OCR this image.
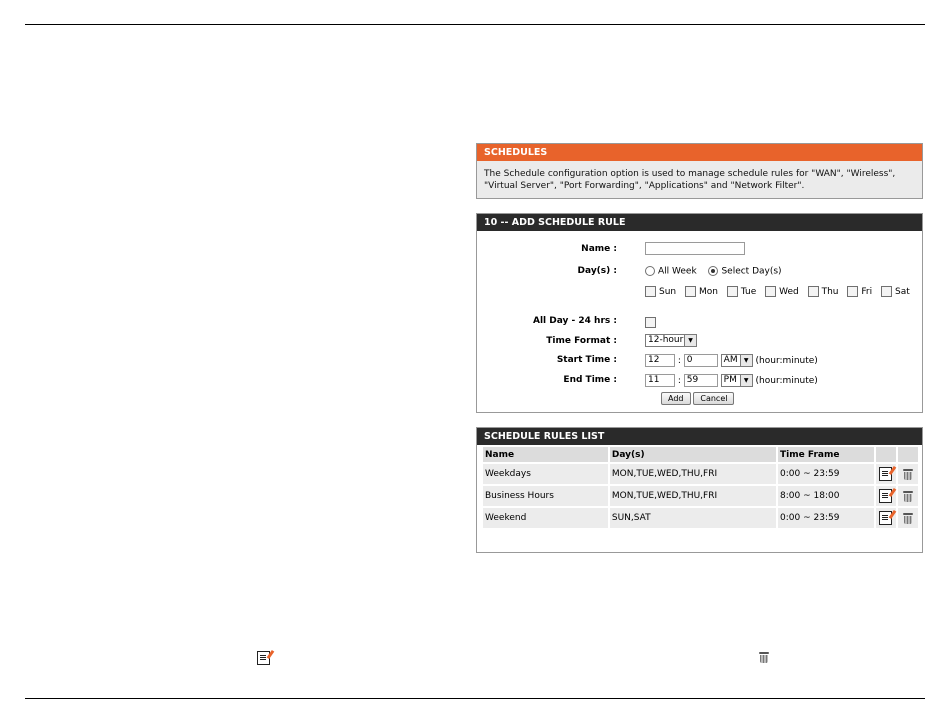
SCHEDULES
The Schedule configuration option is used to manage schedule rules for "WAN", "Wireless", "Virtual Server", "Port Forwarding", "Applications" and "Network Filter".
10 -- ADD SCHEDULE RULE
Name :
Day(s) :	All Week	Select Day(s)
Sun	Mon	Tue	Wed	Thu	Fri	Sat
All Day - 24 hrs :
Time Format :	12-hour ▼
Start Time :	12 : 0	AM	▼ (hour:minute)
End Time :	11 : 59	PM	▼ (hour:minute)
Add Cancel
SCHEDULE RULES LIST
Name	Day(s)	Time Frame		
Weekdays	MON,TUE,WED,THU,FRI	0:00 ~ 23:59		
Business Hours	MON,TUE,WED,THU,FRI	8:00 ~ 18:00		
Weekend	SUN,SAT	0:00 ~ 23:59		
